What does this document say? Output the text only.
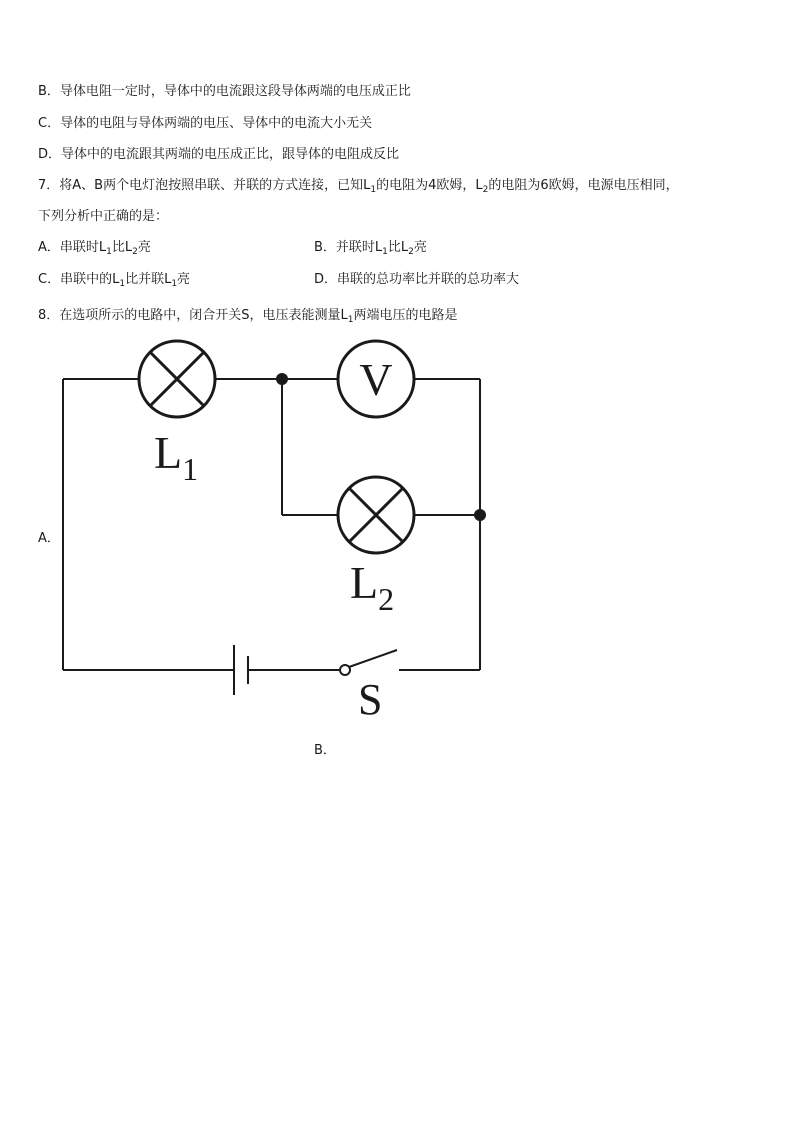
B．导体电阻一定时，导体中的电流跟这段导体两端的电压成正比
C．导体的电阻与导体两端的电压、导体中的电流大小无关
D．导体中的电流跟其两端的电压成正比，跟导体的电阻成反比
7．将A、B两个电灯泡按照串联、并联的方式连接，已知$L_1$的电阻为4欧姆，$L_2$的电阻为6欧姆，电源电压相同，
下列分析中正确的是：
A．串联时$L_1$比$L_2$亮	B．并联时$L_1$比$L_2$亮
C．串联中的$L_1$比并联$L_1$亮	D．串联的总功率比并联的总功率大
8．在选项所示的电路中，闭合开关S，电压表能测量$L_1$两端电压的电路是
A．
B．
V
$L_1$
$L_2$
S
